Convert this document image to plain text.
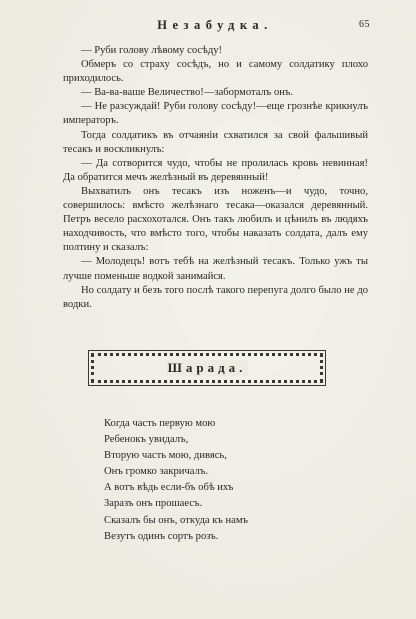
Незабудка.	65

— Руби голову лѣвому сосѣду!

Обмеръ со страху сосѣдъ, но и самому солдатику плохо приходилось.

— Ва-ва-ваше Величество!—забормоталъ онъ.

— Не разсуждай! Руби голову сосѣду!—еще грознѣе крикнулъ императоръ.

Тогда солдатикъ въ отчаяніи схватился за свой фальшивый тесакъ и воскликнулъ:

— Да сотворится чудо, чтобы не пролилась кровь невинная! Да обратится мечъ желѣзный въ деревянный!

Выхватилъ онъ тесакъ изъ ноженъ—и чудо, точно, совершилось: вмѣсто желѣзнаго тесака—оказался деревянный. Петръ весело расхохотался. Онъ такъ любилъ и цѣнилъ въ людяхъ находчивость, что вмѣсто того, чтобы наказать солдата, далъ ему полтину и сказалъ:

— Молодецъ! вотъ тебѣ на желѣзный тесакъ. Только ужъ ты лучше поменьше водкой занимайся.

Но солдату и безъ того послѣ такого перепуга долго было не до водки.

Шарада.
Когда часть первую мою
Ребенокъ увидалъ,
Вторую часть мою, дивясь,
Онъ громко закричалъ.
А вотъ вѣдь если-бъ обѣ ихъ
Заразъ онъ прошаесъ.
Сказалъ бы онъ, откуда къ намъ
Везутъ одинъ сортъ розъ.
